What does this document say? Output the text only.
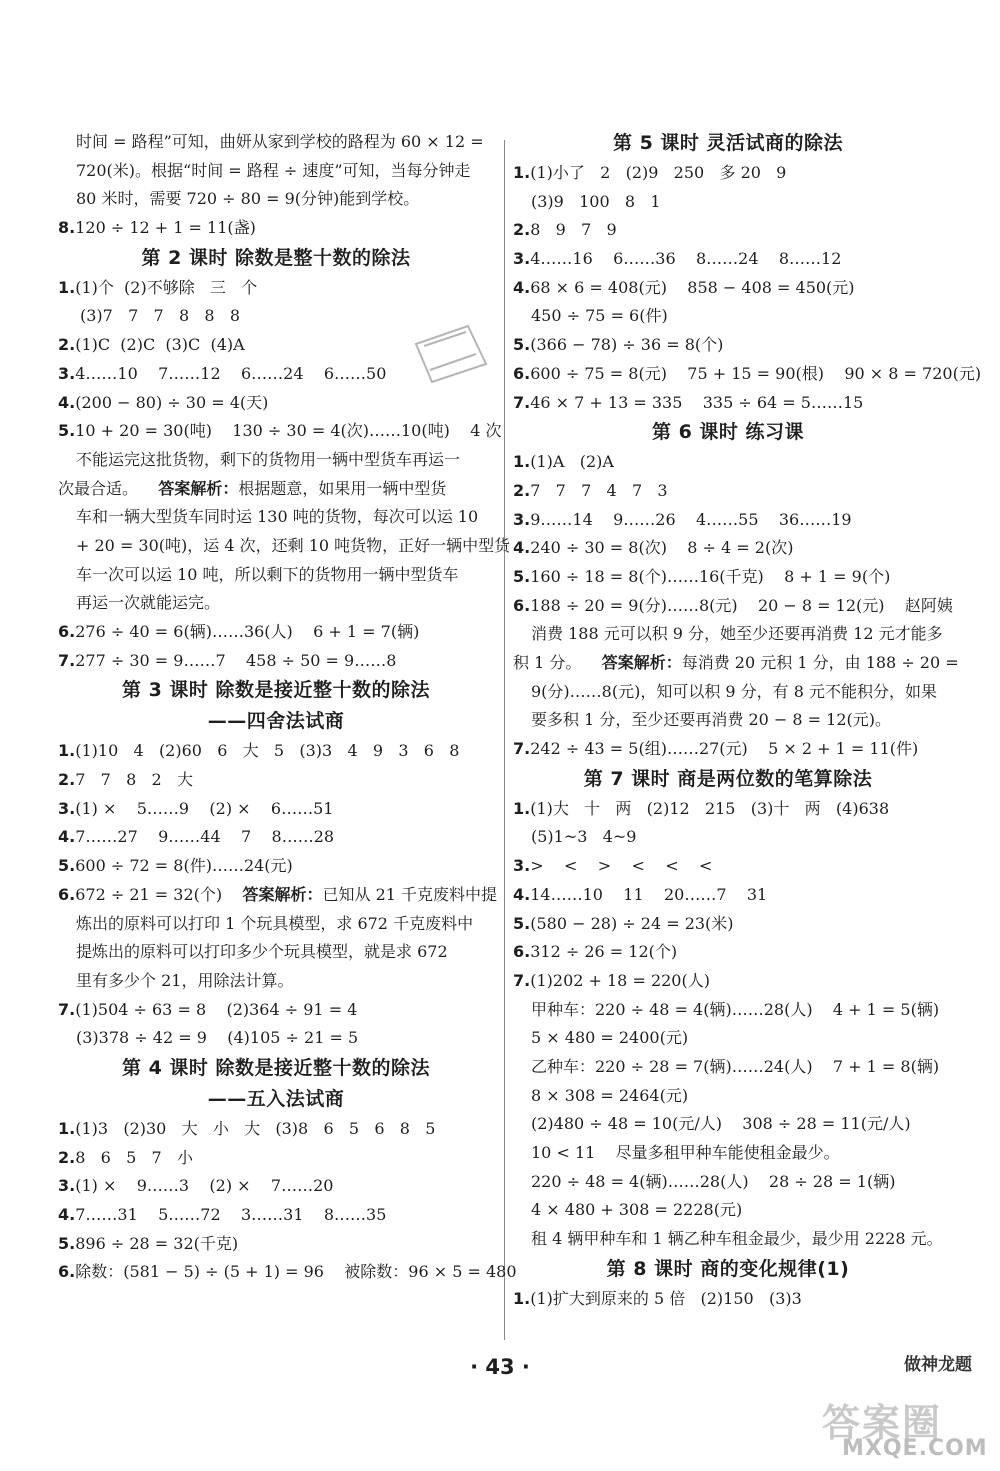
时间 = 路程”可知，曲妍从家到学校的路程为 60 × 12 =
720(米)。根据“时间 = 路程 ÷ 速度”可知，当每分钟走
80 米时，需要 720 ÷ 80 = 9(分钟)能到学校。
8.120 ÷ 12 + 1 = 11(盏)
第 2 课时 除数是整十数的除法
1.(1)个  (2)不够除   三   个
(3)7   7   7   8   8   8
2.(1)C  (2)C  (3)C  (4)A
3.4……10    7……12    6……24    6……50
4.(200 − 80) ÷ 30 = 4(天)
5.10 + 20 = 30(吨)    130 ÷ 30 = 4(次)……10(吨)    4 次
不能运完这批货物，剩下的货物用一辆中型货车再运一
次最合适。    答案解析：根据题意，如果用一辆中型货
车和一辆大型货车同时运 130 吨的货物，每次可以运 10
+ 20 = 30(吨)，运 4 次，还剩 10 吨货物，正好一辆中型货
车一次可以运 10 吨，所以剩下的货物用一辆中型货车
再运一次就能运完。
6.276 ÷ 40 = 6(辆)……36(人)    6 + 1 = 7(辆)
7.277 ÷ 30 = 9……7    458 ÷ 50 = 9……8
第 3 课时 除数是接近整十数的除法
——四舍法试商
1.(1)10   4   (2)60   6   大   5   (3)3   4   9   3   6   8
2.7   7   8   2   大
3.(1) ×    5……9    (2) ×    6……51
4.7……27    9……44    7    8……28
5.600 ÷ 72 = 8(件)……24(元)
6.672 ÷ 21 = 32(个)    答案解析：已知从 21 千克废料中提
炼出的原料可以打印 1 个玩具模型，求 672 千克废料中
提炼出的原料可以打印多少个玩具模型，就是求 672
里有多少个 21，用除法计算。
7.(1)504 ÷ 63 = 8    (2)364 ÷ 91 = 4
(3)378 ÷ 42 = 9    (4)105 ÷ 21 = 5
第 4 课时 除数是接近整十数的除法
——五入法试商
1.(1)3   (2)30   大   小   大   (3)8   6   5   6   8   5
2.8   6   5   7   小
3.(1) ×    9……3    (2) ×    7……20
4.7……31    5……72    3……31    8……35
5.896 ÷ 28 = 32(千克)
6.除数：(581 − 5) ÷ (5 + 1) = 96    被除数：96 × 5 = 480
第 5 课时 灵活试商的除法
1.(1)小了   2   (2)9   250   多 20   9
(3)9   100   8   1
2.8   9   7   9
3.4……16    6……36    8……24    8……12
4.68 × 6 = 408(元)    858 − 408 = 450(元)
450 ÷ 75 = 6(件)
5.(366 − 78) ÷ 36 = 8(个)
6.600 ÷ 75 = 8(元)    75 + 15 = 90(根)    90 × 8 = 720(元)
7.46 × 7 + 13 = 335    335 ÷ 64 = 5……15
第 6 课时 练习课
1.(1)A   (2)A
2.7   7   7   4   7   3
3.9……14    9……26    4……55    36……19
4.240 ÷ 30 = 8(次)    8 ÷ 4 = 2(次)
5.160 ÷ 18 = 8(个)……16(千克)    8 + 1 = 9(个)
6.188 ÷ 20 = 9(分)……8(元)    20 − 8 = 12(元)    赵阿姨
消费 188 元可以积 9 分，她至少还要再消费 12 元才能多
积 1 分。    答案解析：每消费 20 元积 1 分，由 188 ÷ 20 =
9(分)……8(元)，知可以积 9 分，有 8 元不能积分，如果
要多积 1 分，至少还要再消费 20 − 8 = 12(元)。
7.242 ÷ 43 = 5(组)……27(元)    5 × 2 + 1 = 11(件)
第 7 课时 商是两位数的笔算除法
1.(1)大   十   两   (2)12   215   (3)十   两   (4)638
(5)1~3   4~9
3.>    <    >    <    <    <
4.14……10    11    20……7    31
5.(580 − 28) ÷ 24 = 23(米)
6.312 ÷ 26 = 12(个)
7.(1)202 + 18 = 220(人)
甲种车：220 ÷ 48 = 4(辆)……28(人)    4 + 1 = 5(辆)
5 × 480 = 2400(元)
乙种车：220 ÷ 28 = 7(辆)……24(人)    7 + 1 = 8(辆)
8 × 308 = 2464(元)
(2)480 ÷ 48 = 10(元/人)    308 ÷ 28 = 11(元/人)
10 < 11    尽量多租甲种车能使租金最少。
220 ÷ 48 = 4(辆)……28(人)    28 ÷ 28 = 1(辆)
4 × 480 + 308 = 2228(元)
租 4 辆甲种车和 1 辆乙种车租金最少，最少用 2228 元。
第 8 课时 商的变化规律(1)
1.(1)扩大到原来的 5 倍   (2)150   (3)3
· 43 ·	做神龙题
答案圈
MXQE.COM
